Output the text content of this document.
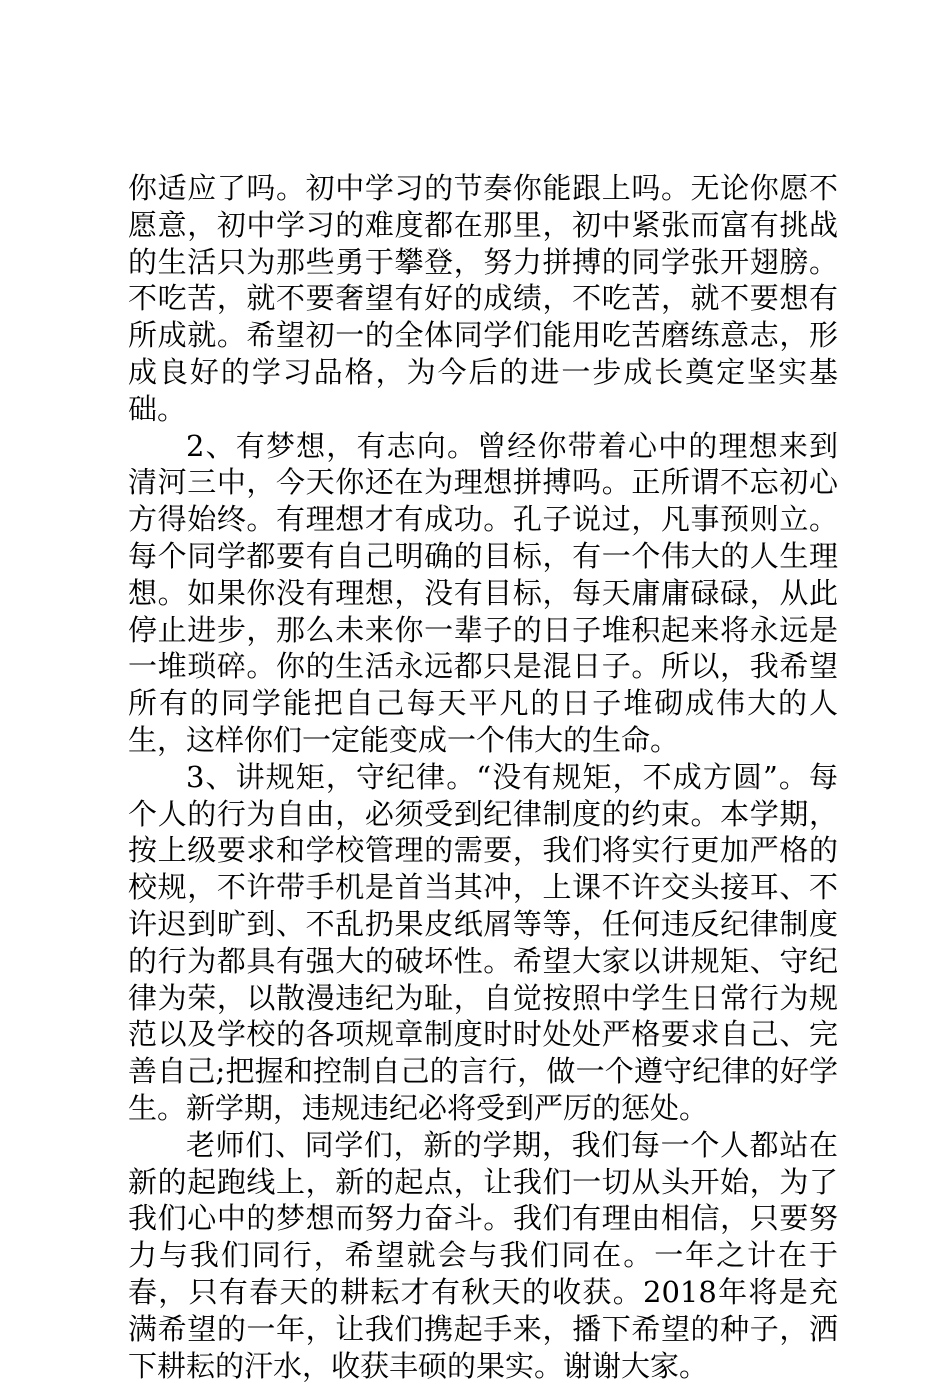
你适应了吗。初中学习的节奏你能跟上吗。无论你愿不愿意，初中学习的难度都在那里，初中紧张而富有挑战的生活只为那些勇于攀登，努力拼搏的同学张开翅膀。不吃苦，就不要奢望有好的成绩，不吃苦，就不要想有所成就。希望初一的全体同学们能用吃苦磨练意志，形成良好的学习品格，为今后的进一步成长奠定坚实基础。

2、有梦想，有志向。曾经你带着心中的理想来到清河三中，今天你还在为理想拼搏吗。正所谓不忘初心方得始终。有理想才有成功。孔子说过，凡事预则立。每个同学都要有自己明确的目标，有一个伟大的人生理想。如果你没有理想，没有目标，每天庸庸碌碌，从此停止进步，那么未来你一辈子的日子堆积起来将永远是一堆琐碎。你的生活永远都只是混日子。所以，我希望所有的同学能把自己每天平凡的日子堆砌成伟大的人生，这样你们一定能变成一个伟大的生命。

3、讲规矩，守纪律。“没有规矩，不成方圆”。每个人的行为自由，必须受到纪律制度的约束。本学期，按上级要求和学校管理的需要，我们将实行更加严格的校规，不许带手机是首当其冲，上课不许交头接耳、不许迟到旷到、不乱扔果皮纸屑等等，任何违反纪律制度的行为都具有强大的破坏性。希望大家以讲规矩、守纪律为荣，以散漫违纪为耻，自觉按照中学生日常行为规范以及学校的各项规章制度时时处处严格要求自己、完善自己;把握和控制自己的言行，做一个遵守纪律的好学生。新学期，违规违纪必将受到严厉的惩处。

老师们、同学们，新的学期，我们每一个人都站在新的起跑线上，新的起点，让我们一切从头开始，为了我们心中的梦想而努力奋斗。我们有理由相信，只要努力与我们同行，希望就会与我们同在。一年之计在于春，只有春天的耕耘才有秋天的收获。2018年将是充满希望的一年，让我们携起手来，播下希望的种子，洒下耕耘的汗水，收获丰硕的果实。谢谢大家。
